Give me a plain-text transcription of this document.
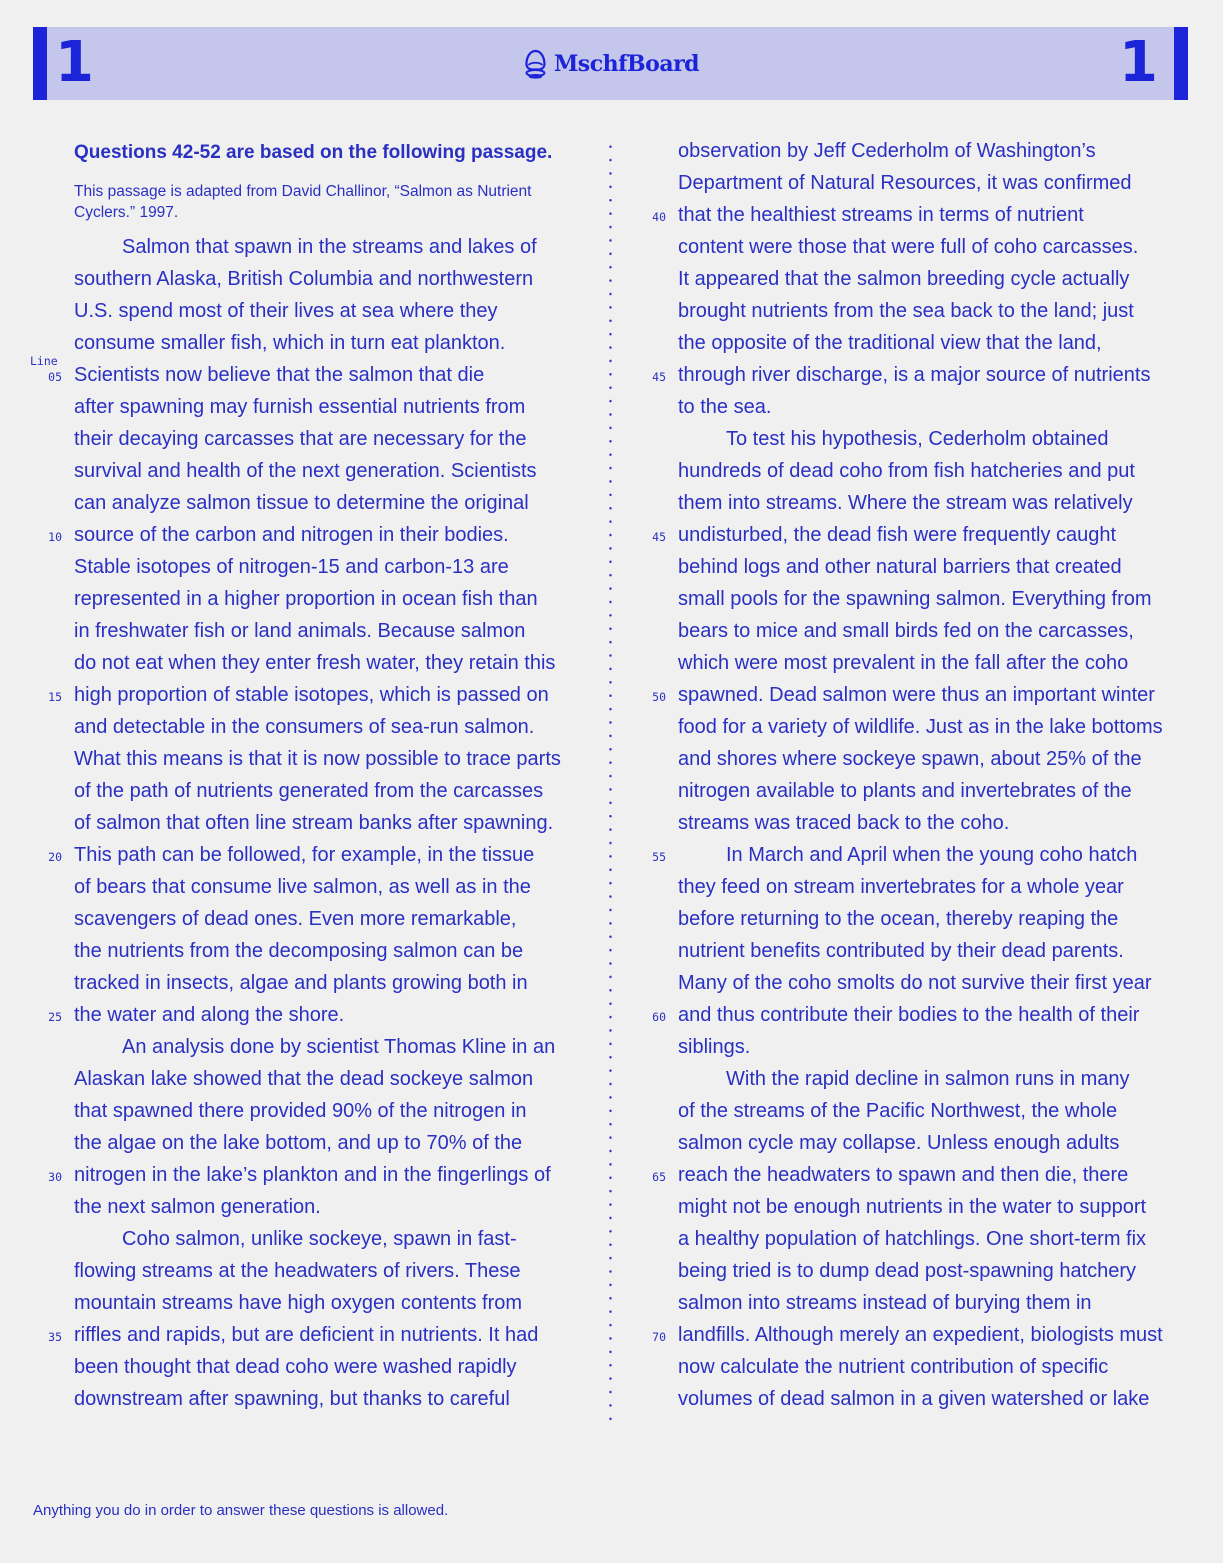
1	MschfBoard	1
Questions 42-52 are based on the following passage.
This passage is adapted from David Challinor, “Salmon as Nutrient Cyclers.” 1997.
Salmon that spawn in the streams and lakes of
southern Alaska, British Columbia and northwestern
U.S. spend most of their lives at sea where they
consume smaller fish, which in turn eat plankton.
Scientists now believe that the salmon that die
05
Line
after spawning may furnish essential nutrients from
their decaying carcasses that are necessary for the
survival and health of the next generation. Scientists
can analyze salmon tissue to determine the original
source of the carbon and nitrogen in their bodies.
10
Stable isotopes of nitrogen-15 and carbon-13 are
represented in a higher proportion in ocean fish than
in freshwater fish or land animals. Because salmon
do not eat when they enter fresh water, they retain this
high proportion of stable isotopes, which is passed on
15
and detectable in the consumers of sea-run salmon.
What this means is that it is now possible to trace parts
of the path of nutrients generated from the carcasses
of salmon that often line stream banks after spawning.
This path can be followed, for example, in the tissue
20
of bears that consume live salmon, as well as in the
scavengers of dead ones. Even more remarkable,
the nutrients from the decomposing salmon can be
tracked in insects, algae and plants growing both in
the water and along the shore.
25
An analysis done by scientist Thomas Kline in an
Alaskan lake showed that the dead sockeye salmon
that spawned there provided 90% of the nitrogen in
the algae on the lake bottom, and up to 70% of the
nitrogen in the lake’s plankton and in the fingerlings of
30
the next salmon generation.
Coho salmon, unlike sockeye, spawn in fast-
flowing streams at the headwaters of rivers. These
mountain streams have high oxygen contents from
riffles and rapids, but are deficient in nutrients. It had
35
been thought that dead coho were washed rapidly
downstream after spawning, but thanks to careful
observation by Jeff Cederholm of Washington’s
Department of Natural Resources, it was confirmed
that the healthiest streams in terms of nutrient
40
content were those that were full of coho carcasses.
It appeared that the salmon breeding cycle actually
brought nutrients from the sea back to the land; just
the opposite of the traditional view that the land,
through river discharge, is a major source of nutrients
45
to the sea.
To test his hypothesis, Cederholm obtained
hundreds of dead coho from fish hatcheries and put
them into streams. Where the stream was relatively
undisturbed, the dead fish were frequently caught
45
behind logs and other natural barriers that created
small pools for the spawning salmon. Everything from
bears to mice and small birds fed on the carcasses,
which were most prevalent in the fall after the coho
spawned. Dead salmon were thus an important winter
50
food for a variety of wildlife. Just as in the lake bottoms
and shores where sockeye spawn, about 25% of the
nitrogen available to plants and invertebrates of the
streams was traced back to the coho.
In March and April when the young coho hatch
55
they feed on stream invertebrates for a whole year
before returning to the ocean, thereby reaping the
nutrient benefits contributed by their dead parents.
Many of the coho smolts do not survive their first year
and thus contribute their bodies to the health of their
60
siblings.
With the rapid decline in salmon runs in many
of the streams of the Pacific Northwest, the whole
salmon cycle may collapse. Unless enough adults
reach the headwaters to spawn and then die, there
65
might not be enough nutrients in the water to support
a healthy population of hatchlings. One short-term fix
being tried is to dump dead post-spawning hatchery
salmon into streams instead of burying them in
landfills. Although merely an expedient, biologists must
70
now calculate the nutrient contribution of specific
volumes of dead salmon in a given watershed or lake
Anything you do in order to answer these questions is allowed.
